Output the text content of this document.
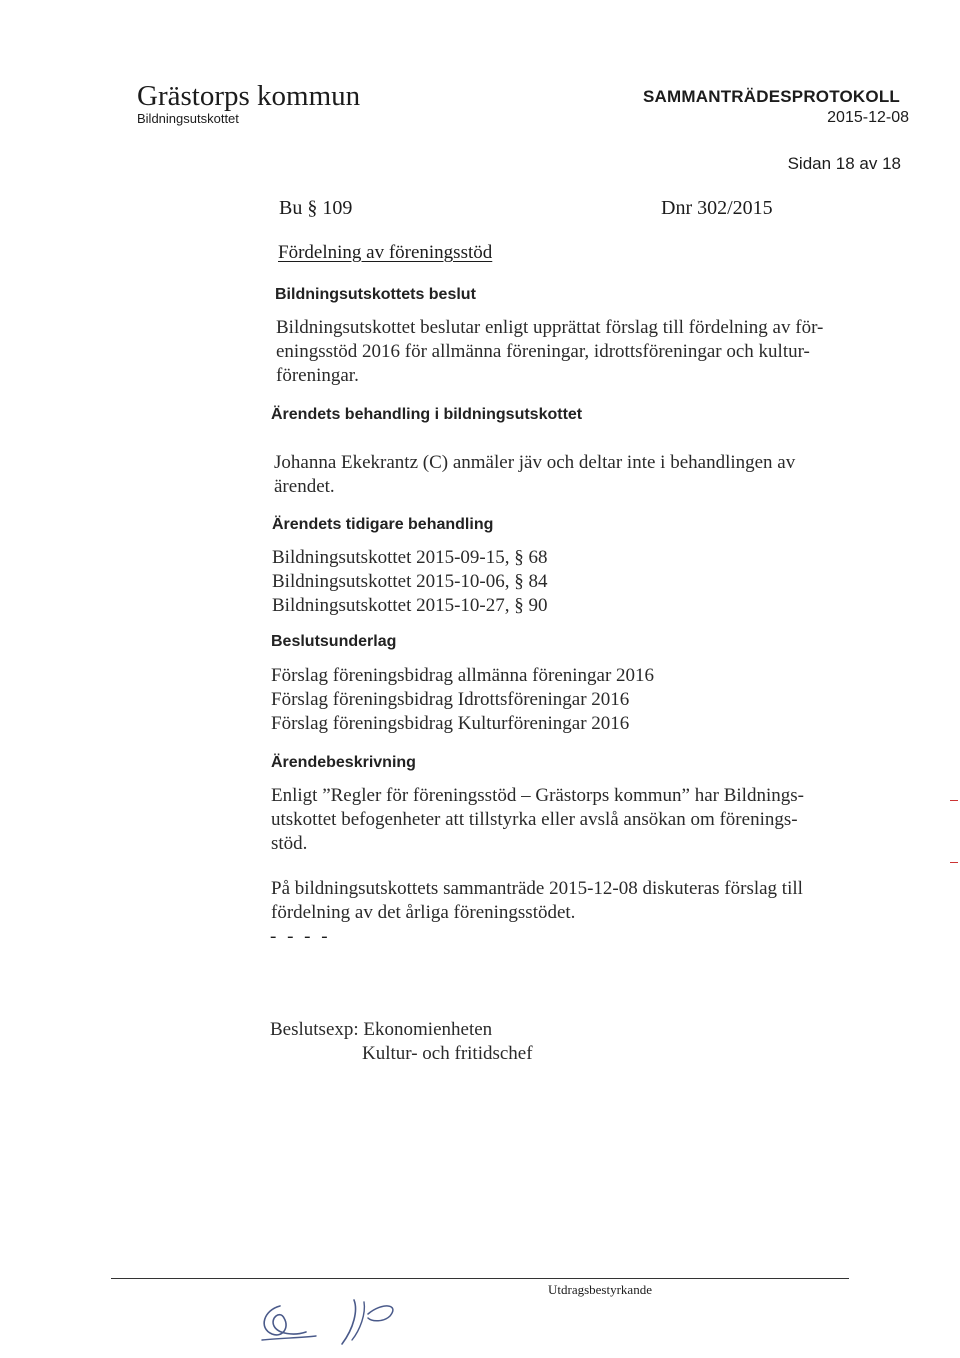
Grästorps kommun
Bildningsutskottet
SAMMANTRÄDESPROTOKOLL
2015-12-08
Sidan 18 av 18
Bu § 109	Dnr 302/2015
Fördelning av föreningsstöd
Bildningsutskottets beslut
Bildningsutskottet beslutar enligt upprättat förslag till fördelning av för-
eningsstöd 2016 för allmänna föreningar, idrottsföreningar och kultur-
föreningar.
Ärendets behandling i bildningsutskottet
Johanna Ekekrantz (C) anmäler jäv och deltar inte i behandlingen av
ärendet.
Ärendets tidigare behandling
Bildningsutskottet 2015-09-15, § 68
Bildningsutskottet 2015-10-06, § 84
Bildningsutskottet 2015-10-27, § 90
Beslutsunderlag
Förslag föreningsbidrag allmänna föreningar 2016
Förslag föreningsbidrag Idrottsföreningar 2016
Förslag föreningsbidrag Kulturföreningar 2016
Ärendebeskrivning
Enligt ”Regler för föreningsstöd – Grästorps kommun” har Bildnings-
utskottet befogenheter att tillstyrka eller avslå ansökan om förenings-
stöd.
På bildningsutskottets sammanträde 2015-12-08 diskuteras förslag till
fördelning av det årliga föreningsstödet.
- - - -
Beslutsexp: Ekonomienheten
Kultur- och fritidschef
Utdragsbestyrkande
